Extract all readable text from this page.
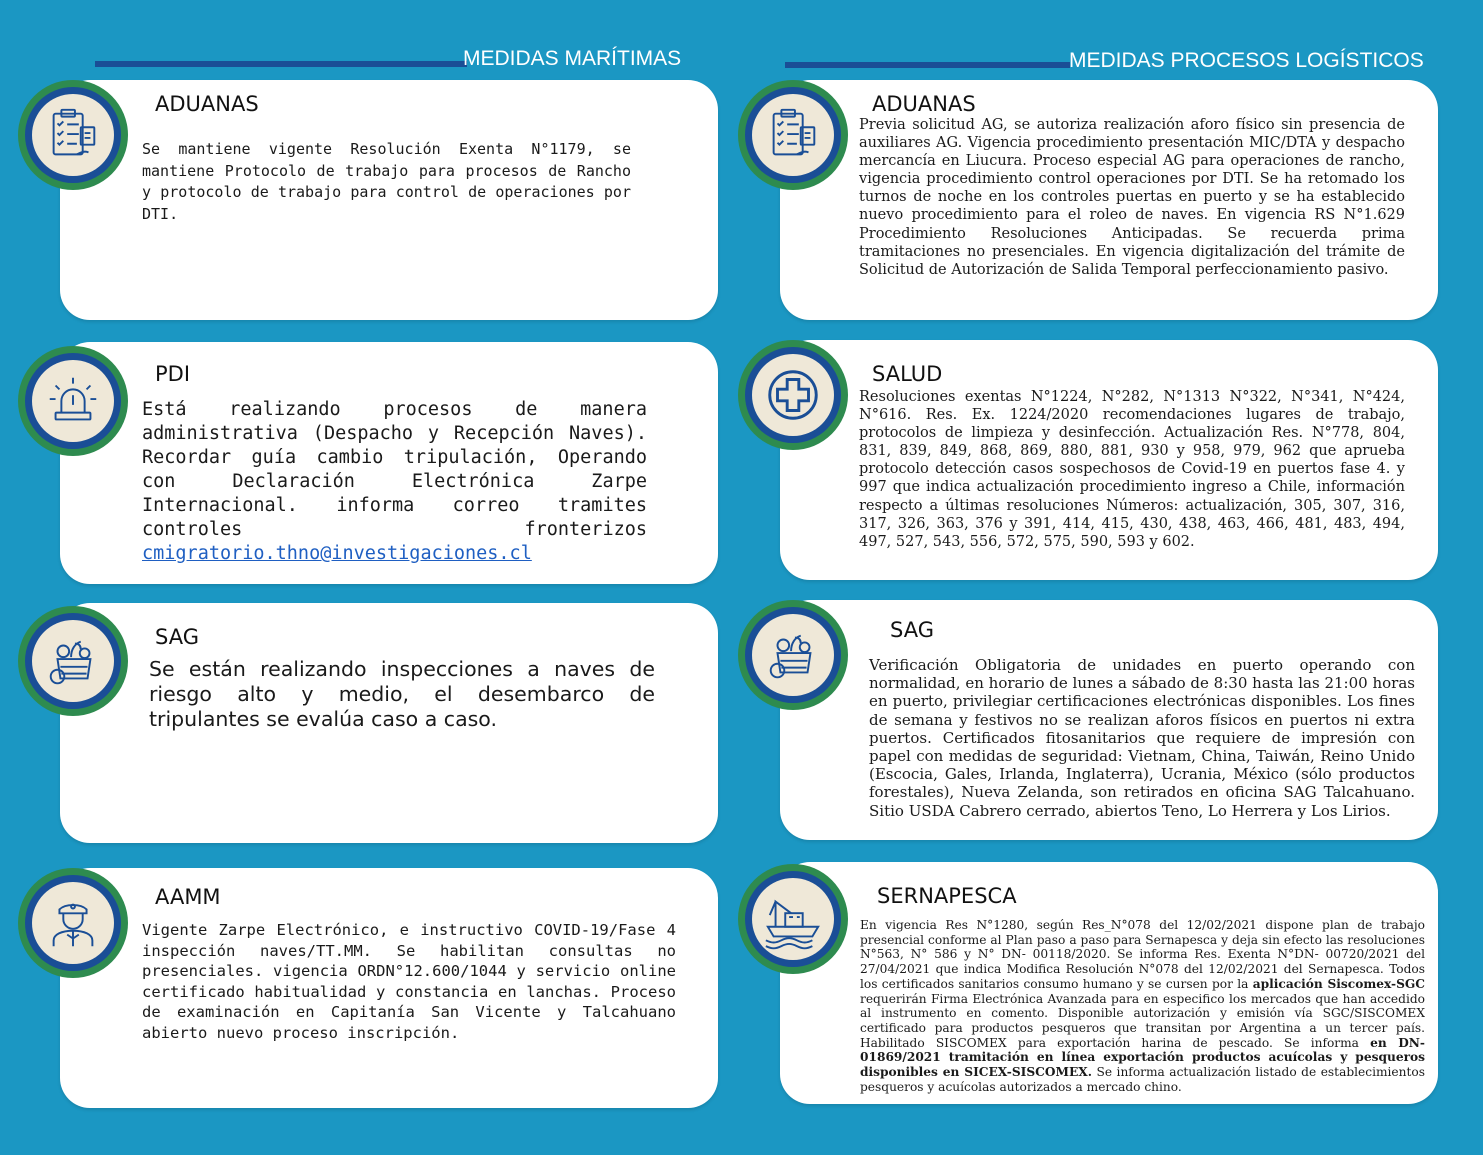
MEDIDAS MARÍTIMAS	MEDIDAS PROCESOS LOGÍSTICOS
ADUANAS

Se mantiene vigente Resolución Exenta N°1179, se mantiene Protocolo de trabajo para procesos de Rancho y protocolo de trabajo para control de operaciones por DTI.

PDI
Está realizando procesos de manera administrativa (Despacho y Recepción Naves). Recordar guía cambio tripulación, Operando con Declaración Electrónica Zarpe Internacional. informa correo tramites controles fronterizos cmigratorio.thno@investigaciones.cl
SAG

Se están realizando inspecciones a naves de riesgo alto y medio, el desembarco de tripulantes se evalúa caso a caso.

AAMM

Vigente Zarpe Electrónico, e instructivo COVID-19/Fase 4 inspección naves/TT.MM. Se habilitan consultas no presenciales. vigencia ORDN°12.600/1044 y servicio online certificado habitualidad y constancia en lanchas. Proceso de examinación en Capitanía San Vicente y Talcahuano abierto nuevo proceso inscripción.

ADUANAS

Previa solicitud AG, se autoriza realización aforo físico sin presencia de auxiliares AG. Vigencia procedimiento presentación MIC/DTA y despacho mercancía en Liucura. Proceso especial AG para operaciones de rancho, vigencia procedimiento control operaciones por DTI. Se ha retomado los turnos de noche en los controles puertas en puerto y se ha establecido nuevo procedimiento para el roleo de naves. En vigencia RS N°1.629 Procedimiento Resoluciones Anticipadas. Se recuerda prima tramitaciones no presenciales. En vigencia digitalización del trámite de Solicitud de Autorización de Salida Temporal perfeccionamiento pasivo.

SALUD

Resoluciones exentas N°1224, N°282, N°1313 N°322, N°341, N°424, N°616. Res. Ex. 1224/2020 recomendaciones lugares de trabajo, protocolos de limpieza y desinfección. Actualización Res. N°778, 804, 831, 839, 849, 868, 869, 880, 881, 930 y 958, 979, 962 que aprueba protocolo detección casos sospechosos de Covid-19 en puertos fase 4. y 997 que indica actualización procedimiento ingreso a Chile, información respecto a últimas resoluciones Números: actualización, 305, 307, 316, 317, 326, 363, 376 y 391, 414, 415, 430, 438, 463, 466, 481, 483, 494, 497, 527, 543, 556, 572, 575, 590, 593 y 602.

SAG

Verificación Obligatoria de unidades en puerto operando con normalidad, en horario de lunes a sábado de 8:30 hasta las 21:00 horas en puerto, privilegiar certificaciones electrónicas disponibles. Los fines de semana y festivos no se realizan aforos físicos en puertos ni extra puertos. Certificados fitosanitarios que requiere de impresión con papel con medidas de seguridad: Vietnam, China, Taiwán, Reino Unido (Escocia, Gales, Irlanda, Inglaterra), Ucrania, México (sólo productos forestales), Nueva Zelanda, son retirados en oficina SAG Talcahuano. Sitio USDA Cabrero cerrado, abiertos Teno, Lo Herrera y Los Lirios.

SERNAPESCA
En vigencia Res N°1280, según Res_N°078 del 12/02/2021 dispone plan de trabajo presencial conforme al Plan paso a paso para Sernapesca y deja sin efecto las resoluciones N°563, N° 586 y N° DN- 00118/2020. Se informa Res. Exenta N°DN- 00720/2021 del 27/04/2021 que indica Modifica Resolución N°078 del 12/02/2021 del Sernapesca. Todos los certificados sanitarios consumo humano y se cursen por la aplicación Siscomex-SGC requerirán Firma Electrónica Avanzada para en especifico los mercados que han accedido al instrumento en comento. Disponible autorización y emisión vía SGC/SISCOMEX certificado para productos pesqueros que transitan por Argentina a un tercer país. Habilitado SISCOMEX para exportación harina de pescado. Se informa en DN-01869/2021 tramitación en línea exportación productos acuícolas y pesqueros disponibles en SICEX-SISCOMEX. Se informa actualización listado de establecimientos pesqueros y acuícolas autorizados a mercado chino.
